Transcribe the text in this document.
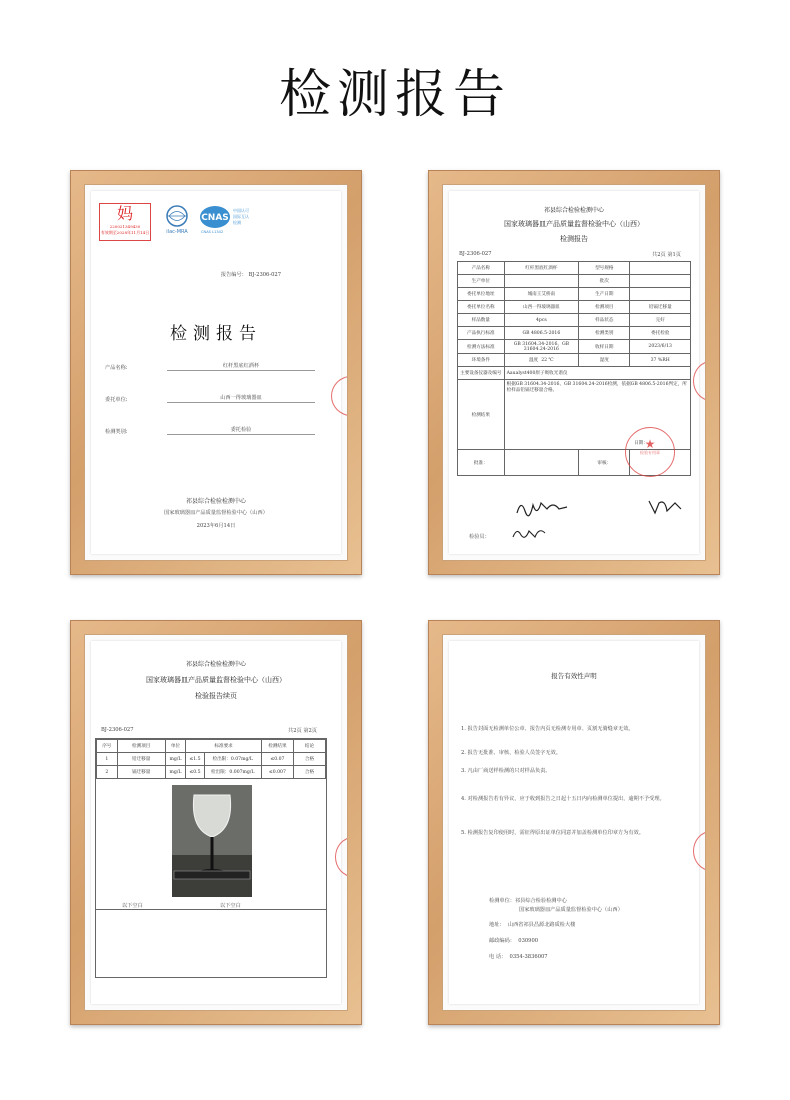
检测报告
妈
220021349430
有效期至2028年11月14日	ilac-MRA
CNAS
中国认可
国际互认
检测
CNAS L1342
报告编号： BJ-2306-027
检测报告
产品名称:	红杆黑底红酒杯
委托单位:	山西一得玻璃器皿
检测类别:	委托检验
祁县综合检验检测中心
国家玻璃器皿产品质量监督检验中心（山西）
2023年6月14日
祁县综合检验检测中心
国家玻璃器皿产品质量监督检验中心（山西）
检测报告
BJ-2306-027	共2页 第1页
产品名称	红杆黑底红酒杯	型号规格	
生产单位		批次	
委托单位地址	城南王艾桥南	生产日期	
委托单位名称	山西一得玻璃器皿	检测项目	铅镉迁移量
样品数量	4pcs	样品状态	完好
产品执行标准	GB 4806.5-2016	检测类别	委托检验
检测方法标准	GB 31604.34-2016、GB 31604.24-2016	收样日期	2023/6/13
环境条件	温度 22 ℃	湿度	37 %RH
主要设备仪器及编号	Aaualyst400原子吸收光谱仪		
检测结果	根据GB 31604.34-2016、GB 31604.24-2016检测，依据GB 4806.5-2016判定，所
检样品铅镉迁移量合格。
日期：		

批准：		审核：	
检验员：
★
检验专用章
祁县综合检验检测中心
国家玻璃器皿产品质量监督检验中心（山西）
检验报告续页
BJ-2306-027	共2页 第2页
序号	检测项目	单位	标准要求		检测结果	结论
1	铅迁移量	mg/L	≤1.5	检出限：0.07mg/L	≤0.07	合格
2	镉迁移量	mg/L	≤0.5	检出限：0.007mg/L	≤0.007	合格
以下空白	以下空白
报告有效性声明
1. 报告封面无检测单位公章、报告内页无检测专用章、页割无骑缝章无效。
2. 报告无批准、审核、检验人员签字无效。
3. 凡由厂商送样检测的只对样品负责。
4. 对检测报告若有异议，应于收到报告之日起十五日内向检测单位提出，逾期不予受理。
5. 检测报告复印使用时，需征得原出证单位同意并加盖检测单位印章方为有效。
检测单位：祁县综合检验检测中心
国家玻璃器皿产品质量监督检验中心（山西）
地址： 山西省祁县昌源北路质检大楼
邮政编码： 030900
电 话： 0354-3836007
